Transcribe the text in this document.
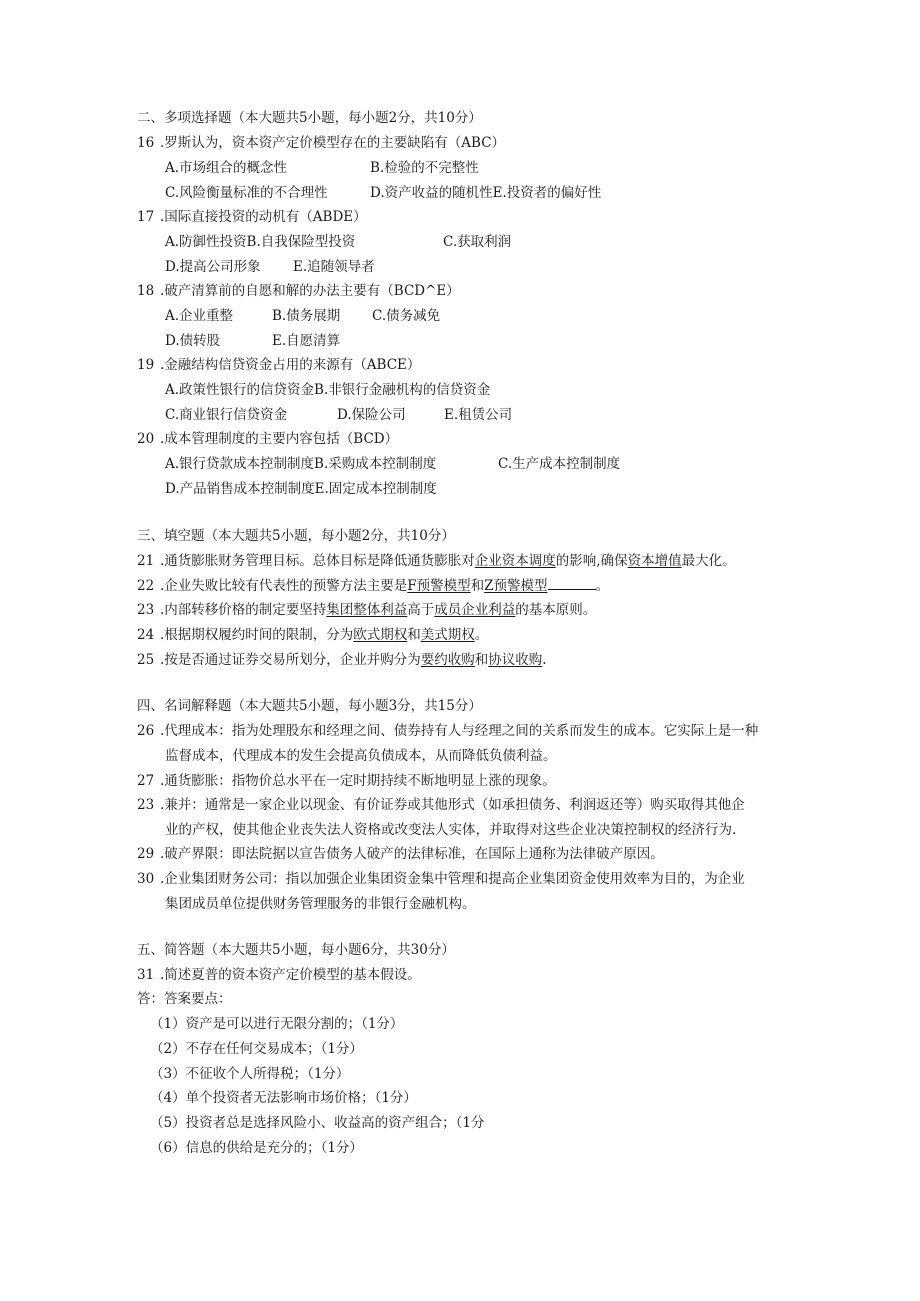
二、多项选择题（本大题共5小题，每小题2分，共10分）
16 .罗斯认为，资本资产定价模型存在的主要缺陷有（ABC）
A.市场组合的概念性	B.检验的不完整性
C.风险衡量标准的不合理性	D.资产收益的随机性E.投资者的偏好性
17 .国际直接投资的动机有（ABDE）
A.防御性投资B.自我保险型投资	C.获取利润
D.提高公司形象 E.追随领导者
18 .破产清算前的自愿和解的办法主要有（BCD^E）
A.企业重整	B.债务展期 C.债务减免
D.债转股	E.自愿清算
19 .金融结构信贷资金占用的来源有（ABCE）
A.政策性银行的信贷资金B.非银行金融机构的信贷资金
C.商业银行信贷资金	D.保险公司	E.租赁公司
20 .成本管理制度的主要内容包括（BCD）
A.银行贷款成本控制制度B.采购成本控制制度	C.生产成本控制制度
D.产品销售成本控制制度E.固定成本控制制度
三、填空题（本大题共5小题，每小题2分，共10分）
21 .通货膨胀财务管理目标。总体目标是降低通货膨胀对企业资本调度的影响,确保资本增值最大化。
22 .企业失败比较有代表性的预警方法主要是F预警模型和Z预警模型	。
23 .内部转移价格的制定要坚持集团整体利益高于成员企业利益的基本原则。
24 .根据期权履约时间的限制，分为欧式期权和美式期权。
25 .按是否通过证券交易所划分，企业并购分为要约收购和协议收购.
四、名词解释题（本大题共5小题，每小题3分，共15分）
26 .代理成本：指为处理股东和经理之间、债券持有人与经理之间的关系而发生的成本。它实际上是一种
监督成本，代理成本的发生会提高负债成本，从而降低负债利益。
27 .通货膨胀：指物价总水平在一定时期持续不断地明显上涨的现象。
23 .兼并：通常是一家企业以现金、有价证券或其他形式（如承担债务、利润返还等）购买取得其他企
业的产权，使其他企业丧失法人资格或改变法人实体，并取得对这些企业决策控制权的经济行为.
29 .破产界限：即法院据以宣告债务人破产的法律标准，在国际上通称为法律破产原因。
30 .企业集团财务公司：指以加强企业集团资金集中管理和提高企业集团资金使用效率为目的，为企业
集团成员单位提供财务管理服务的非银行金融机构。
五、简答题（本大题共5小题，每小题6分，共30分）
31 .简述夏普的资本资产定价模型的基本假设。
答：答案要点：
（1）资产是可以进行无限分割的；（1分）
（2）不存在任何交易成本；（1分）
（3）不征收个人所得税；（1分）
（4）单个投资者无法影响市场价格；（1分）
（5）投资者总是选择风险小、收益高的资产组合；（1分
（6）信息的供给是充分的；（1分）
